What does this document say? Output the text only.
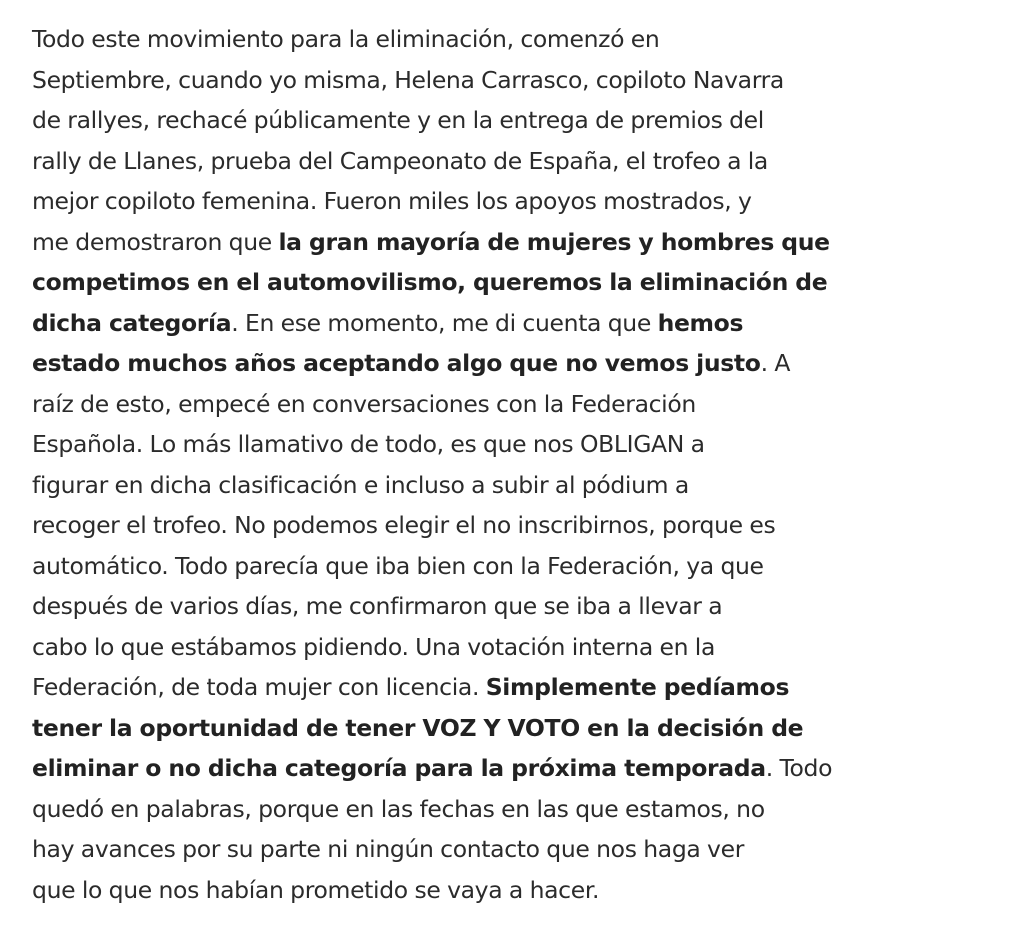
Todo este movimiento para la eliminación, comenzó en
Septiembre, cuando yo misma, Helena Carrasco, copiloto Navarra
de rallyes, rechacé públicamente y en la entrega de premios del
rally de Llanes, prueba del Campeonato de España, el trofeo a la
mejor copiloto femenina. Fueron miles los apoyos mostrados, y
me demostraron que la gran mayoría de mujeres y hombres que
competimos en el automovilismo, queremos la eliminación de
dicha categoría. En ese momento, me di cuenta que hemos
estado muchos años aceptando algo que no vemos justo. A
raíz de esto, empecé en conversaciones con la Federación
Española. Lo más llamativo de todo, es que nos OBLIGAN a
figurar en dicha clasificación e incluso a subir al pódium a
recoger el trofeo. No podemos elegir el no inscribirnos, porque es
automático. Todo parecía que iba bien con la Federación, ya que
después de varios días, me confirmaron que se iba a llevar a
cabo lo que estábamos pidiendo. Una votación interna en la
Federación, de toda mujer con licencia. Simplemente pedíamos
tener la oportunidad de tener VOZ Y VOTO en la decisión de
eliminar o no dicha categoría para la próxima temporada. Todo
quedó en palabras, porque en las fechas en las que estamos, no
hay avances por su parte ni ningún contacto que nos haga ver
que lo que nos habían prometido se vaya a hacer.
